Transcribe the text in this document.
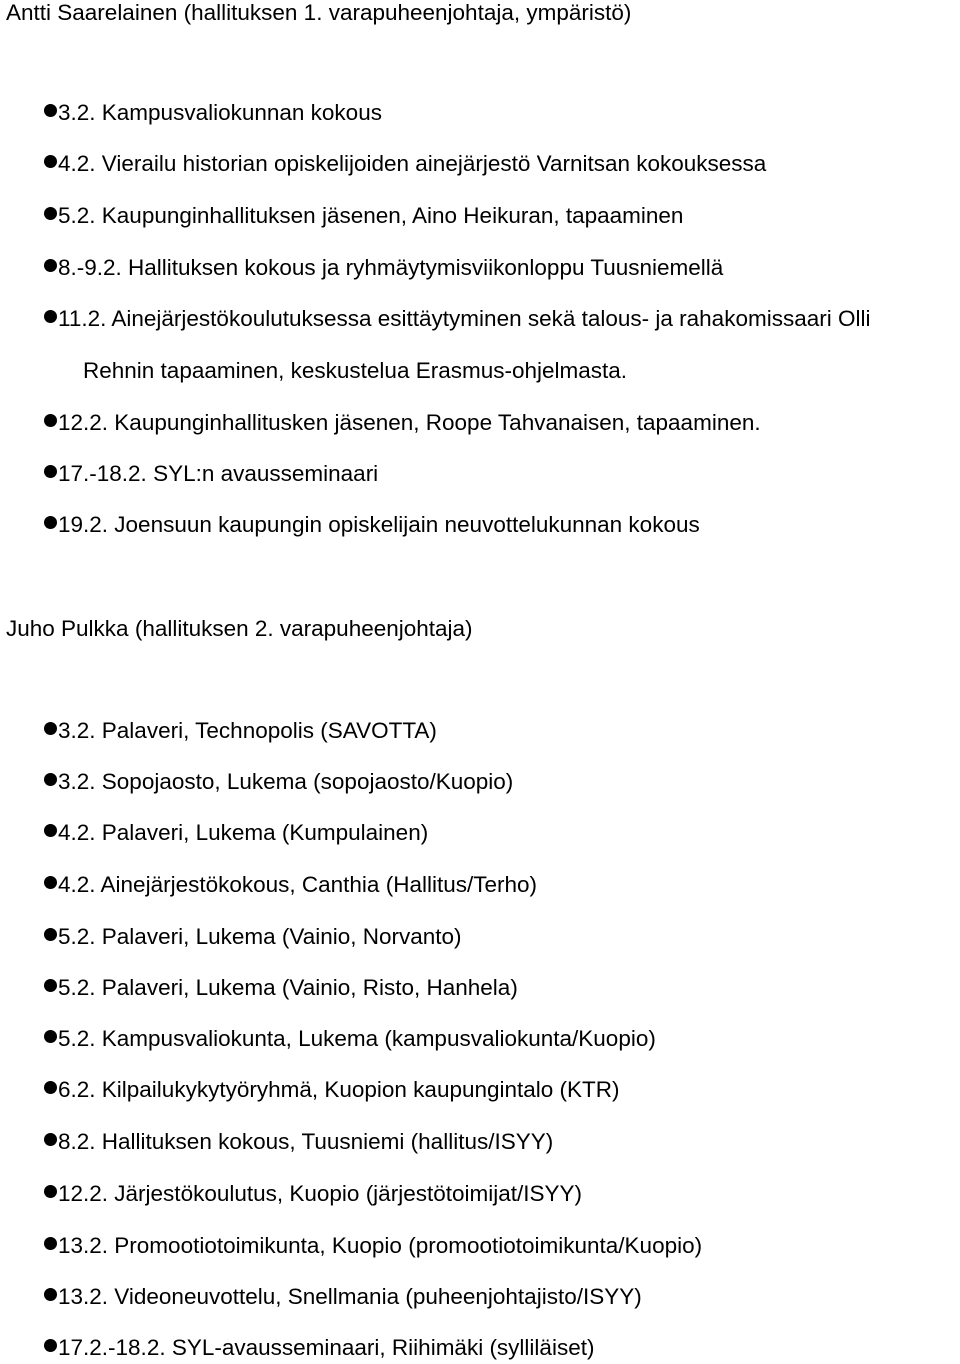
Antti Saarelainen (hallituksen 1. varapuheenjohtaja, ympäristö)
3.2. Kampusvaliokunnan kokous
4.2. Vierailu historian opiskelijoiden ainejärjestö Varnitsan kokouksessa
5.2. Kaupunginhallituksen jäsenen, Aino Heikuran, tapaaminen
8.-9.2. Hallituksen kokous ja ryhmäytymisviikonloppu Tuusniemellä
11.2. Ainejärjestökoulutuksessa esittäytyminen sekä talous- ja rahakomissaari Olli
Rehnin tapaaminen, keskustelua Erasmus-ohjelmasta.
12.2. Kaupunginhallitusken jäsenen, Roope Tahvanaisen, tapaaminen.
17.-18.2. SYL:n avausseminaari
19.2. Joensuun kaupungin opiskelijain neuvottelukunnan kokous
Juho Pulkka (hallituksen 2. varapuheenjohtaja)
3.2. Palaveri, Technopolis (SAVOTTA)
3.2. Sopojaosto, Lukema (sopojaosto/Kuopio)
4.2. Palaveri, Lukema (Kumpulainen)
4.2. Ainejärjestökokous, Canthia (Hallitus/Terho)
5.2. Palaveri, Lukema (Vainio, Norvanto)
5.2. Palaveri, Lukema (Vainio, Risto, Hanhela)
5.2. Kampusvaliokunta, Lukema (kampusvaliokunta/Kuopio)
6.2. Kilpailukykytyöryhmä, Kuopion kaupungintalo (KTR)
8.2. Hallituksen kokous, Tuusniemi (hallitus/ISYY)
12.2. Järjestökoulutus, Kuopio (järjestötoimijat/ISYY)
13.2. Promootiotoimikunta, Kuopio (promootiotoimikunta/Kuopio)
13.2. Videoneuvottelu, Snellmania (puheenjohtajisto/ISYY)
17.2.-18.2. SYL-avausseminaari, Riihimäki (sylliläiset)
